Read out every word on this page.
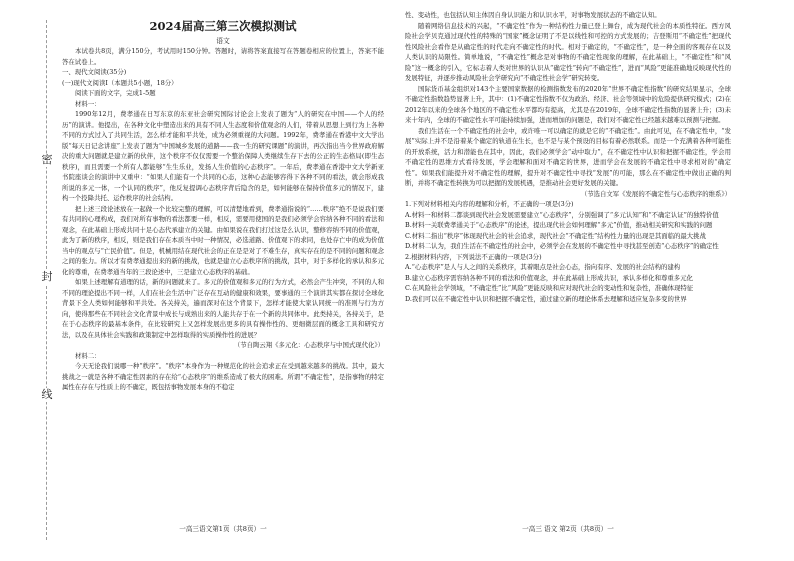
密
封
线
2024届高三第三次模拟测试
语文

本试卷共8页，满分150分，考试用时150分钟。答题时，请将答案直接写在答题卷相应的位置上，答案不能答在试卷上。

一、现代文阅读(35分)

(一)现代文阅读Ⅰ（本题共5小题，18分）

阅读下面的文字，完成1-5题

材料一：

1990年12月，费孝通在日写东京的东亚社会研究国际讨论会上发表了题为“人的研究在中国——个人的经历”的演讲。他提出，在各种文化中塑造出来的具有不同人生态度和价值观念的人们，带着从思想上到行为上各种不同的方式过入了共同生活，怎么样才能和平共处，成为必须重视的大问题。1992年，费孝通在香港中文大学出版“每天日记念讲座”上发表了题为“中国城乡发展的道路——我一生的研究课题”的演讲，再次指出当今世界政府解决的重大问题就是建立新的伙伴，这个秩序不仅仅需要一个整治保障人类继续生存下去的公正的生态格局(即生态秩序)，而且需要一个所有人都能够“生生乐业，发扬人生价值的心态秩序”。一年后，费孝通在香港中文大学新亚书院座谈会的演讲中又重申：“如果人们能有一个共同的心态，这种心态能够容得下各种不同的看法，就会形成我所说的多元一体，一个认同的秩序”，他反复提调心态秩序背后隐含的是，如何能够在保持价值多元的情况下，建构一个投降共托、运作秩序的社会结构。

把上述三段论述放在一起做一个比较完整的理解，可以清楚地看到，费孝通指说的“……秩序”绝不是说我们要有共同的心理构成，我们对所有事物的看法都要一样，相反，需要用使国的是我们必须学会容纳各种不同的看法和观念，在此基础上形成共同十足心态代承建立的关键。由如果说在我们打过这是么认识，整修容纳不同的价值观，此为了新的秩序，相反，则是我们存在本质当中时一种情况，必选道路、价值观下的求同，也处存亡中的成为价值当中的观点与“亡民价值”。但是，机械用结在现代社会的正在是是对了不难生存，真实存在的是不同的问题和观念之间的张力。所以才有费孝通提出来的新的挑战，也就是建立心态秩序所的挑战，其中，对于多样化的承认和多元化的尊重，在费孝通当年的三段论述中，三是建立心态秩序的基础。

如果上述理解有道理的话，新的问题就来了。多元的价值观和多元的行为方式，必然会产生冲突，不同的人和不同的理论提出不同一样，人们在社会生活中广泛存在互动的健康和效果，要事通的三个演讲其实都在探讨全球化背景下全人类如何能够和平共处。各关持关，遍而深对在这个背景下，怎样才能使大家认同统一的准则与行为方向，使得那些在不同社会文化背景中成长与成熟出来的人能共存于在一个新的共同体中。此类持关，各持关于，是在于心态秩序的最基本条件，在比较研究上又怎样发展出更多的具有操作性的、更细微层面的概念工具和研究方法，以及在具体社会实践和政策制定中怎样取得的实质操作性的进展？

（节自陶云翔《多元化：心态秩序与中国式现代化》）

材料二：

今天无论我们说哪一种“秩序”。“秩序”本身作为一种规范化的社会追求正在受到越来越多的挑战。其中，最大挑战之一就是各种不确定性因素的存在给“心态秩序”的维系造成了极大的困难。所谓“不确定性”，是指事物的特定属性在存在与性质上的不确定，既包括事物发展本身的不稳定

性、变动性，也包括认知主体因自身认识能力和认识水平，对事物发展状态的不确定认知。

随着网络信息技术的兴起，“不确定性”作为一种结构性力量已登上舞台，成为现代社会的本质性特征。西方风险社会学贝克通过现代性的特殊的“国家”概念证明了不是以线性和可控的方式发展的；吉登斯用“不确定性”把现代性风险社会看作是从确定性的时代走向不确定性的时代。相对于确定的，“不确定性”，是一种全面的客观存在以及人类认识的局限性。简单地说，“不确定性”概念是对事物的不确定性现象的理解，在此基础上，“不确定性”和“风险”这一概念的引入，它标志着人类对世界的认识从“确定性”转向“不确定性”，进而“风险”更能准确地反映现代性的发展特征，并逐步推动风险社会学研究向“不确定性社会学”研究转变。

国际货币基金组织对143个主要国家数据的检测指数发布的2020年“世界不确定性指数”的研究结果显示，全球不确定性指数趋势显著上升，其中：(1)不确定性指数不仅为政治、经济、社会等领域中的危险提供研究模式；(2)在2012年以来的全球各个地区的不确定性水平都均有提高，尤其是在2019年，全球不确定性指数的显著上升；(3)未来十年内，全球的不确定性水平可能持续加强，进而增加的问题是，我们对不确定性已经越来越难以预测与把握。

我们生活在一个不确定性的社会中，或许唯一可以确定的就是它的“不确定性”。由此可见，在不确定性中，“发展”实际上并不是沿着某个确定的轨道在生长，也不是与某个预设的目标有着必然联系。而是一个充满着各种可能性的开放系统，活力和潜能也在其中，因此，我们必须学会“动中取力”，在不确定性中认识和把握不确定性，学会用不确定性的思维方式看待发展，学会理解和面对不确定的世界，进而学会在发展的不确定性中寻求相对的“确定性”。如果我们能提升对不确定性的理解，提升对不确定性中寻找“发展”的可能，那么在不确定性中做出正确的判断，并将不确定性转换为可以把握的发展机遇，是推动社会更好发展的关键。

（节选自文军《发展的不确定性与心态秩序的维系》）

1.下列对材料相关内容的理解和分析，不正确的一项是(3分)

A.材料一和材料二都谈到现代社会发展需要建立“心态秩序”，分别强调了“多元认知”和“不确定认证”的独特价值

B.材料一关联费孝通关于“心态秩序”的论述，提出现代社会如何理解“多元”价值，推动相关研究和实践的问题

C.材料二指出“秩序”体现现代社会的社会追求，现代社会“不确定性”结构性力量的出现是其面临的最大挑战

D.材料二认为，我们生活在不确定性的社会中，必须学会在发展的不确定性中寻找甚至创造“心态秩序”的确定性

2.根据材料内容，下列说法不正确的一项是(3分)

A.“心态秩序”是人与人之间的关系秩序，其着眼点是社会心态，指向有序、发展的社会结构的建构

B.建立心态秩序需容纳各种不同的看法和价值观念，并在此基础上形成共识，承认多样化和尊重多元化

C.在风险社会学领域，“不确定性”比“风险”更能反映和应对现代社会的变动性和复杂性，准确体现特征

D.我们可以在不确定性中认识和把握不确定性，通过建立新的理论体系去理解和适应复杂多变的世界

一高三语文第1页（共8页）一	一高三 语文 第2页（共8页）一
